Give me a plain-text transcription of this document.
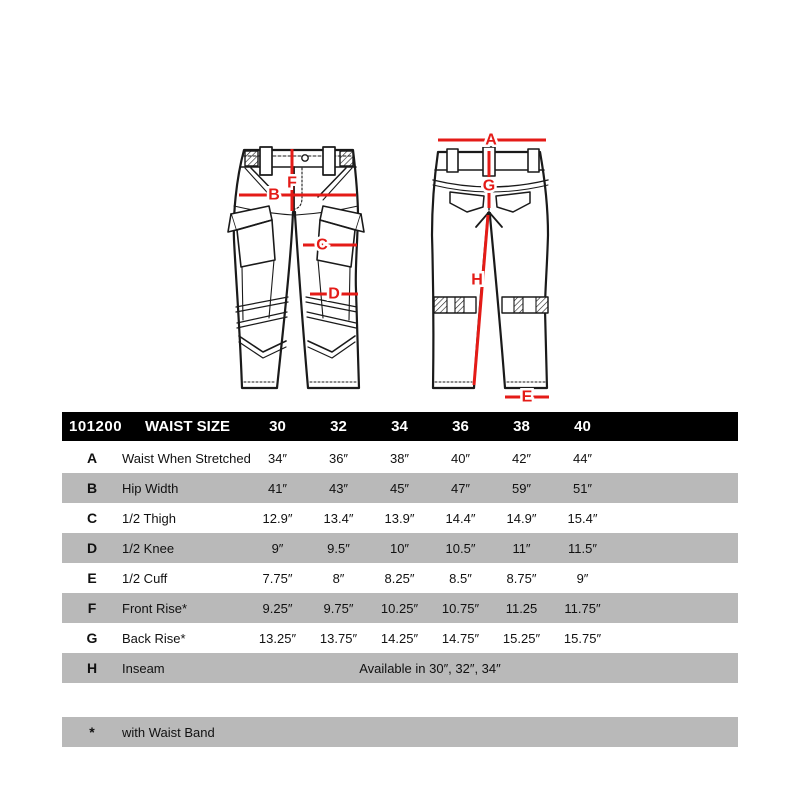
A
G
H
E
F
B
C
D
101200	WAIST SIZE	30	32	34	36	38	40
A	Waist When Stretched	34″	36″	38″	40″	42″	44″
B	Hip Width	41″	43″	45″	47″	59″	51″
C	1/2 Thigh	12.9″	13.4″	13.9″	14.4″	14.9″	15.4″
D	1/2 Knee	9″	9.5″	10″	10.5″	11″	11.5″
E	1/2 Cuff	7.75″	8″	8.25″	8.5″	8.75″	9″
F	Front Rise*	9.25″	9.75″	10.25″	10.75″	11.25	11.75″
G	Back Rise*	13.25″	13.75″	14.25″	14.75″	15.25″	15.75″
H	Inseam	Available in 30″, 32″, 34″
*	with Waist Band
